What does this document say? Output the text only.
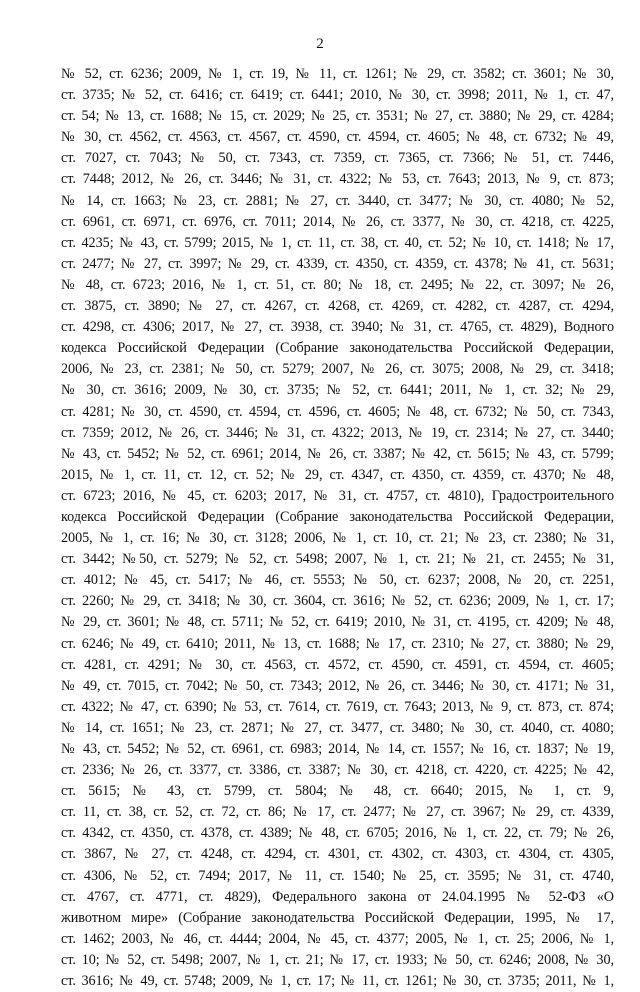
2
№ 52, ст. 6236; 2009, № 1, ст. 19, № 11, ст. 1261; № 29, ст. 3582; ст. 3601; № 30,
ст. 3735; № 52, ст. 6416; ст. 6419; ст. 6441; 2010, № 30, ст. 3998; 2011, № 1, ст. 47,
ст. 54; № 13, ст. 1688; № 15, ст. 2029; № 25, ст. 3531; № 27, ст. 3880; № 29, ст. 4284;
№ 30, ст. 4562, ст. 4563, ст. 4567, ст. 4590, ст. 4594, ст. 4605; № 48, ст. 6732; № 49,
ст. 7027, ст. 7043; № 50, ст. 7343, ст. 7359, ст. 7365, ст. 7366; № 51, ст. 7446,
ст. 7448; 2012, № 26, ст. 3446; № 31, ст. 4322; № 53, ст. 7643; 2013, № 9, ст. 873;
№ 14, ст. 1663; № 23, ст. 2881; № 27, ст. 3440, ст. 3477; № 30, ст. 4080; № 52,
ст. 6961, ст. 6971, ст. 6976, ст. 7011; 2014, № 26, ст. 3377, № 30, ст. 4218, ст. 4225,
ст. 4235; № 43, ст. 5799; 2015, № 1, ст. 11, ст. 38, ст. 40, ст. 52; № 10, ст. 1418; № 17,
ст. 2477; № 27, ст. 3997; № 29, ст. 4339, ст. 4350, ст. 4359, ст. 4378; № 41, ст. 5631;
№ 48, ст. 6723; 2016, № 1, ст. 51, ст. 80; № 18, ст. 2495; № 22, ст. 3097; № 26,
ст. 3875, ст. 3890; № 27, ст. 4267, ст. 4268, ст. 4269, ст. 4282, ст. 4287, ст. 4294,
ст. 4298, ст. 4306; 2017, № 27, ст. 3938, ст. 3940; № 31, ст. 4765, ст. 4829), Водного
кодекса Российской Федерации (Собрание законодательства Российской Федерации,
2006, № 23, ст. 2381; № 50, ст. 5279; 2007, № 26, ст. 3075; 2008, № 29, ст. 3418;
№ 30, ст. 3616; 2009, № 30, ст. 3735; № 52, ст. 6441; 2011, № 1, ст. 32; № 29,
ст. 4281; № 30, ст. 4590, ст. 4594, ст. 4596, ст. 4605; № 48, ст. 6732; № 50, ст. 7343,
ст. 7359; 2012, № 26, ст. 3446; № 31, ст. 4322; 2013, № 19, ст. 2314; № 27, ст. 3440;
№ 43, ст. 5452; № 52, ст. 6961; 2014, № 26, ст. 3387; № 42, ст. 5615; № 43, ст. 5799;
2015, № 1, ст. 11, ст. 12, ст. 52; № 29, ст. 4347, ст. 4350, ст. 4359, ст. 4370; № 48,
ст. 6723; 2016, № 45, ст. 6203; 2017, № 31, ст. 4757, ст. 4810), Градостроительного
кодекса Российской Федерации (Собрание законодательства Российской Федерации,
2005, № 1, ст. 16; № 30, ст. 3128; 2006, № 1, ст. 10, ст. 21; № 23, ст. 2380; № 31,
ст. 3442; №50, ст. 5279; № 52, ст. 5498; 2007, № 1, ст. 21; № 21, ст. 2455; № 31,
ст. 4012; № 45, ст. 5417; № 46, ст. 5553; № 50, ст. 6237; 2008, № 20, ст. 2251,
ст. 2260; № 29, ст. 3418; № 30, ст. 3604, ст. 3616; № 52, ст. 6236; 2009, № 1, ст. 17;
№ 29, ст. 3601; № 48, ст. 5711; № 52, ст. 6419; 2010, № 31, ст. 4195, ст. 4209; № 48,
ст. 6246; № 49, ст. 6410; 2011, № 13, ст. 1688; № 17, ст. 2310; № 27, ст. 3880; № 29,
ст. 4281, ст. 4291; № 30, ст. 4563, ст. 4572, ст. 4590, ст. 4591, ст. 4594, ст. 4605;
№ 49, ст. 7015, ст. 7042; № 50, ст. 7343; 2012, № 26, ст. 3446; № 30, ст. 4171; № 31,
ст. 4322; № 47, ст. 6390; № 53, ст. 7614, ст. 7619, ст. 7643; 2013, № 9, ст. 873, ст. 874;
№ 14, ст. 1651; № 23, ст. 2871; № 27, ст. 3477, ст. 3480; № 30, ст. 4040, ст. 4080;
№ 43, ст. 5452; № 52, ст. 6961, ст. 6983; 2014, № 14, ст. 1557; № 16, ст. 1837; № 19,
ст. 2336; № 26, ст. 3377, ст. 3386, ст. 3387; № 30, ст. 4218, ст. 4220, ст. 4225; № 42,
ст. 5615; № 43, ст. 5799, ст. 5804; № 48, ст. 6640; 2015, № 1, ст. 9,
ст. 11, ст. 38, ст. 52, ст. 72, ст. 86; № 17, ст. 2477; № 27, ст. 3967; № 29, ст. 4339,
ст. 4342, ст. 4350, ст. 4378, ст. 4389; № 48, ст. 6705; 2016, № 1, ст. 22, ст. 79; № 26,
ст. 3867, № 27, ст. 4248, ст. 4294, ст. 4301, ст. 4302, ст. 4303, ст. 4304, ст. 4305,
ст. 4306, № 52, ст. 7494; 2017, № 11, ст. 1540; № 25, ст. 3595; № 31, ст. 4740,
ст. 4767, ст. 4771, ст. 4829), Федерального закона от 24.04.1995 № 52-ФЗ «О
животном мире» (Собрание законодательства Российской Федерации, 1995, № 17,
ст. 1462; 2003, № 46, ст. 4444; 2004, № 45, ст. 4377; 2005, № 1, ст. 25; 2006, № 1,
ст. 10; № 52, ст. 5498; 2007, № 1, ст. 21; № 17, ст. 1933; № 50, ст. 6246; 2008, № 30,
ст. 3616; № 49, ст. 5748; 2009, № 1, ст. 17; № 11, ст. 1261; № 30, ст. 3735; 2011, № 1,
